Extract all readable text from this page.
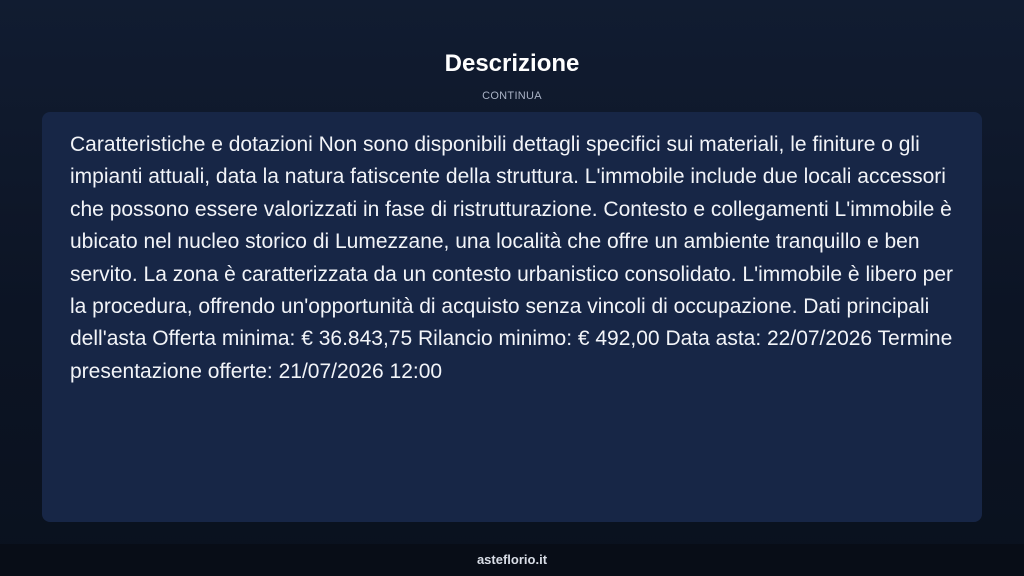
Descrizione
CONTINUA

Caratteristiche e dotazioni Non sono disponibili dettagli specifici sui materiali, le finiture o gli impianti attuali, data la natura fatiscente della struttura. L'immobile include due locali accessori che possono essere valorizzati in fase di ristrutturazione. Contesto e collegamenti L'immobile è ubicato nel nucleo storico di Lumezzane, una località che offre un ambiente tranquillo e ben servito. La zona è caratterizzata da un contesto urbanistico consolidato. L'immobile è libero per la procedura, offrendo un'opportunità di acquisto senza vincoli di occupazione. Dati principali dell'asta Offerta minima: € 36.843,75 Rilancio minimo: € 492,00 Data asta: 22/07/2026 Termine presentazione offerte: 21/07/2026 12:00

asteflorio.it
